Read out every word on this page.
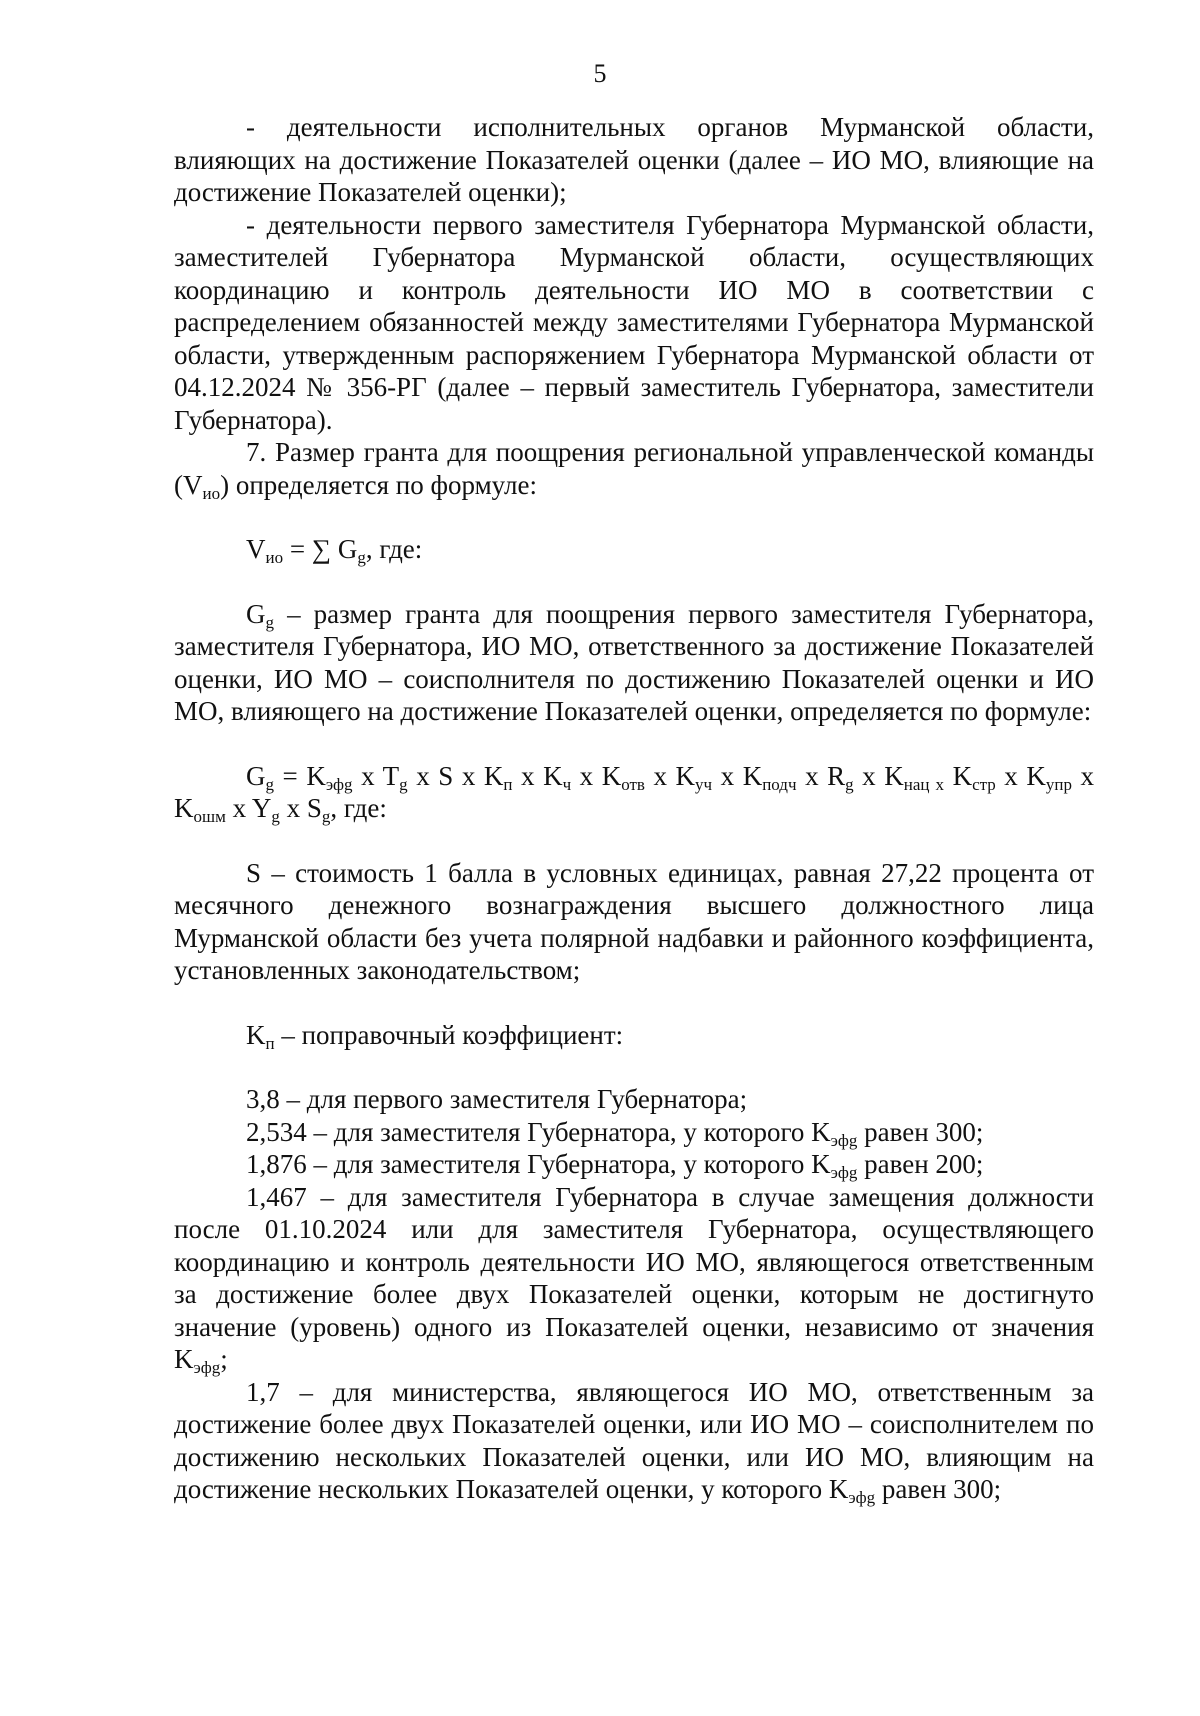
5

- деятельности исполнительных органов Мурманской области, влияющих на достижение Показателей оценки (далее – ИО МО, влияющие на достижение Показателей оценки);

- деятельности первого заместителя Губернатора Мурманской области, заместителей Губернатора Мурманской области, осуществляющих координацию и контроль деятельности ИО МО в соответствии с распределением обязанностей между заместителями Губернатора Мурманской области, утвержденным распоряжением Губернатора Мурманской области от 04.12.2024 № 356-РГ (далее – первый заместитель Губернатора, заместители Губернатора).

7. Размер гранта для поощрения региональной управленческой команды $(V_{ио})$ определяется по формуле:

$V_{ио}$ = ∑ $G_g$, где:

$G_g$ – размер гранта для поощрения первого заместителя Губернатора, заместителя Губернатора, ИО МО, ответственного за достижение Показателей оценки, ИО МО – соисполнителя по достижению Показателей оценки и ИО МО, влияющего на достижение Показателей оценки, определяется по формуле:

$G_g = K_{эфg}$ x $T_g$ x S x $K_п$ x $K_ч$ x $K_{отв}$ x $K_{уч}$ x $K_{подч}$ x $R_g$ x $K_{нац x}$ $K_{стр}$ x $K_{упр}$ x $K_{ошм}$ x $Y_g$ x $S_g$, где:

S – стоимость 1 балла в условных единицах, равная 27,22 процента от месячного денежного вознаграждения высшего должностного лица Мурманской области без учета полярной надбавки и районного коэффициента, установленных законодательством;

$K_п$ – поправочный коэффициент:

3,8 – для первого заместителя Губернатора;

2,534 – для заместителя Губернатора, у которого $K_{эфg}$ равен 300;

1,876 – для заместителя Губернатора, у которого $K_{эфg}$ равен 200;

1,467 – для заместителя Губернатора в случае замещения должности после 01.10.2024 или для заместителя Губернатора, осуществляющего координацию и контроль деятельности ИО МО, являющегося ответственным за достижение более двух Показателей оценки, которым не достигнуто значение (уровень) одного из Показателей оценки, независимо от значения $K_{эфg}$;

1,7 – для министерства, являющегося ИО МО, ответственным за достижение более двух Показателей оценки, или ИО МО – соисполнителем по достижению нескольких Показателей оценки, или ИО МО, влияющим на достижение нескольких Показателей оценки, у которого $K_{эфg}$ равен 300;
